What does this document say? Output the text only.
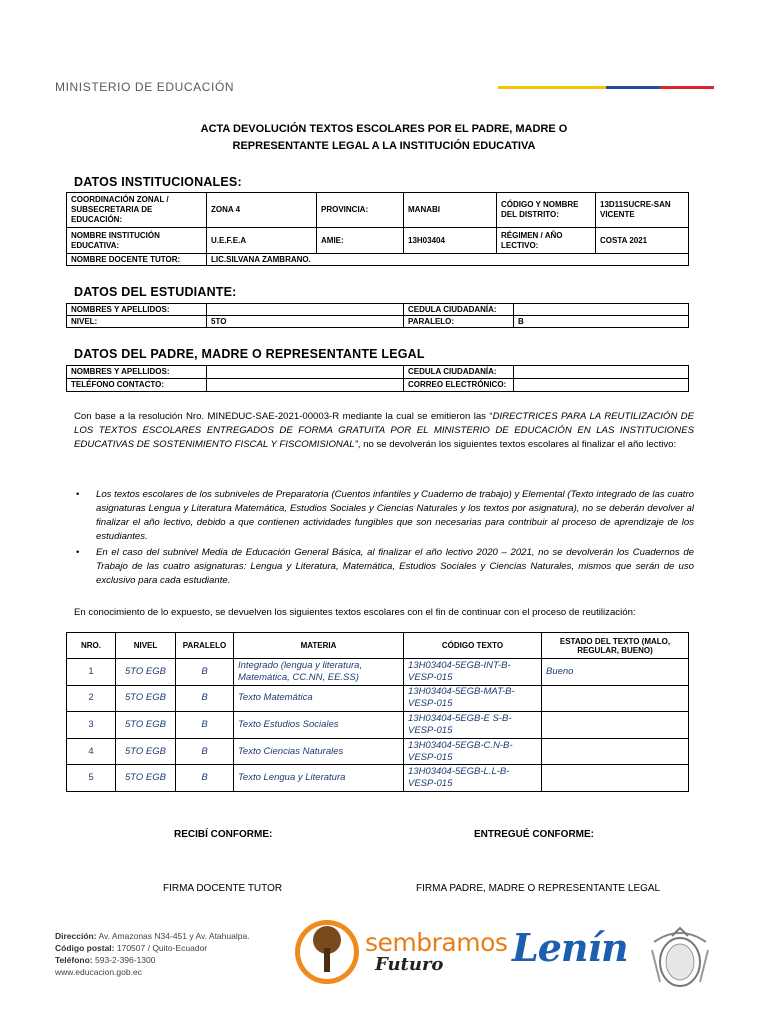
MINISTERIO DE EDUCACIÓN
ACTA DEVOLUCIÓN TEXTOS ESCOLARES POR EL PADRE, MADRE O
REPRESENTANTE LEGAL A LA INSTITUCIÓN EDUCATIVA
DATOS INSTITUCIONALES:
COORDINACIÓN ZONAL / SUBSECRETARIA DE EDUCACIÓN:	ZONA 4	PROVINCIA:	MANABI	CÓDIGO Y NOMBRE DEL DISTRITO:	13D11SUCRE-SAN VICENTE
NOMBRE INSTITUCIÓN EDUCATIVA:	U.E.F.E.A	AMIE:	13H03404	RÉGIMEN / AÑO LECTIVO:	COSTA 2021
NOMBRE DOCENTE TUTOR:	LIC.SILVANA ZAMBRANO.				
DATOS DEL ESTUDIANTE:
NOMBRES Y APELLIDOS:		CEDULA CIUDADANÍA:	
NIVEL:	5TO	PARALELO:	B
DATOS DEL PADRE, MADRE O REPRESENTANTE LEGAL
NOMBRES Y APELLIDOS:		CEDULA CIUDADANÍA:	
TELÉFONO CONTACTO:		CORREO ELECTRÓNICO:	
Con base a la resolución Nro. MINEDUC-SAE-2021-00003-R mediante la cual se emitieron las “DIRECTRICES PARA LA REUTILIZACIÓN DE LOS TEXTOS ESCOLARES ENTREGADOS DE FORMA GRATUITA POR EL MINISTERIO DE EDUCACIÓN EN LAS INSTITUCIONES EDUCATIVAS DE SOSTENIMIENTO FISCAL Y FISCOMISIONAL”, no se devolverán los siguientes textos escolares al finalizar el año lectivo:
• Los textos escolares de los subniveles de Preparatoria (Cuentos infantiles y Cuaderno de trabajo) y Elemental (Texto integrado de las cuatro asignaturas Lengua y Literatura Matemática, Estudios Sociales y Ciencias Naturales y los textos por asignatura), no se deberán devolver al finalizar el año lectivo, debido a que contienen actividades fungibles que son necesarias para contribuir al proceso de aprendizaje de los estudiantes.
• En el caso del subnivel Media de Educación General Básica, al finalizar el año lectivo 2020 – 2021, no se devolverán los Cuadernos de Trabajo de las cuatro asignaturas: Lengua y Literatura, Matemática, Estudios Sociales y Ciencias Naturales, mismos que serán de uso exclusivo para cada estudiante.
En conocimiento de lo expuesto, se devuelven los siguientes textos escolares con el fin de continuar con el proceso de reutilización:
NRO.	NIVEL	PARALELO	MATERIA	CÓDIGO TEXTO	ESTADO DEL TEXTO (MALO, REGULAR, BUENO)
1	5TO EGB	B	Integrado (lengua y literatura, Matemática, CC.NN, EE.SS)	13H03404-5EGB-INT-B-VESP-015	Bueno
2	5TO EGB	B	Texto Matemática	13H03404-5EGB-MAT-B-VESP-015	
3	5TO EGB	B	Texto Estudios Sociales	13H03404-5EGB-E S-B-VESP-015	
4	5TO EGB	B	Texto Ciencias Naturales	13H03404-5EGB-C.N-B-VESP-015	
5	5TO EGB	B	Texto Lengua y Literatura	13H03404-5EGB-L.L-B-VESP-015	
RECIBÍ CONFORME:	ENTREGUÉ CONFORME:
FIRMA DOCENTE TUTOR	FIRMA PADRE, MADRE O REPRESENTANTE LEGAL
Dirección: Av. Amazonas N34-451 y Av. Atahualpa.
Código postal: 170507 / Quito-Ecuador
Teléfono: 593-2-396-1300
www.educacion.gob.ec
sembramos
Futuro Lenín
